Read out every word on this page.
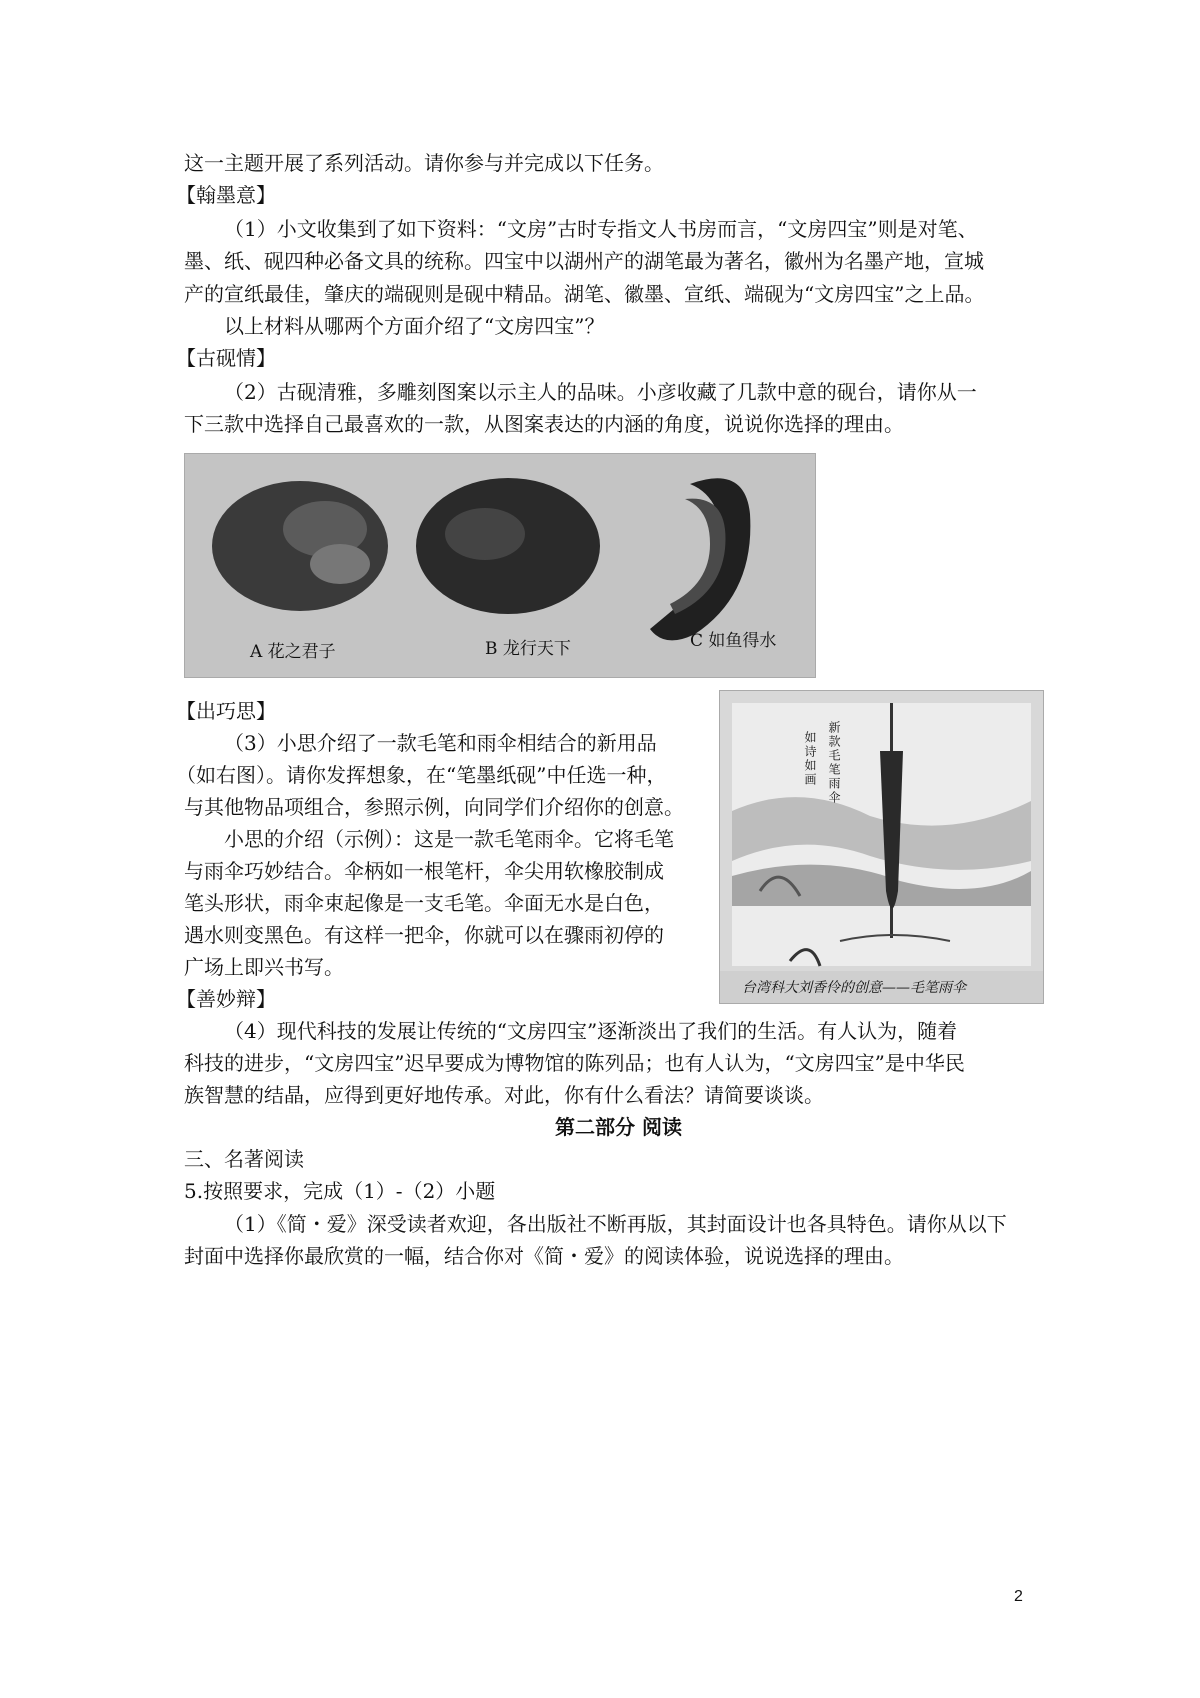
这一主题开展了系列活动。请你参与并完成以下任务。
【翰墨意】
（1）小文收集到了如下资料：“文房”古时专指文人书房而言，“文房四宝”则是对笔、
墨、纸、砚四种必备文具的统称。四宝中以湖州产的湖笔最为著名，徽州为名墨产地，宣城
产的宣纸最佳，肇庆的端砚则是砚中精品。湖笔、徽墨、宣纸、端砚为“文房四宝”之上品。
以上材料从哪两个方面介绍了“文房四宝”？
【古砚情】
（2）古砚清雅，多雕刻图案以示主人的品味。小彦收藏了几款中意的砚台，请你从一
下三款中选择自己最喜欢的一款，从图案表达的内涵的角度，说说你选择的理由。
A 花之君子	B 龙行天下	C 如鱼得水
【出巧思】
（3）小思介绍了一款毛笔和雨伞相结合的新用品
（如右图）。请你发挥想象，在“笔墨纸砚”中任选一种，
与其他物品项组合，参照示例，向同学们介绍你的创意。
小思的介绍（示例）：这是一款毛笔雨伞。它将毛笔
与雨伞巧妙结合。伞柄如一根笔杆，伞尖用软橡胶制成
笔头形状，雨伞束起像是一支毛笔。伞面无水是白色，
遇水则变黑色。有这样一把伞，你就可以在骤雨初停的
广场上即兴书写。
新款毛笔雨伞
如诗如画
台湾科大刘香伶的创意——毛笔雨伞
【善妙辩】
（4）现代科技的发展让传统的“文房四宝”逐渐淡出了我们的生活。有人认为，随着
科技的进步，“文房四宝”迟早要成为博物馆的陈列品；也有人认为，“文房四宝”是中华民
族智慧的结晶，应得到更好地传承。对此，你有什么看法？请简要谈谈。
第二部分 阅读
三、名著阅读
5.按照要求，完成（1）-（2）小题
（1）《简・爱》深受读者欢迎，各出版社不断再版，其封面设计也各具特色。请你从以下
封面中选择你最欣赏的一幅，结合你对《简・爱》的阅读体验，说说选择的理由。
2
